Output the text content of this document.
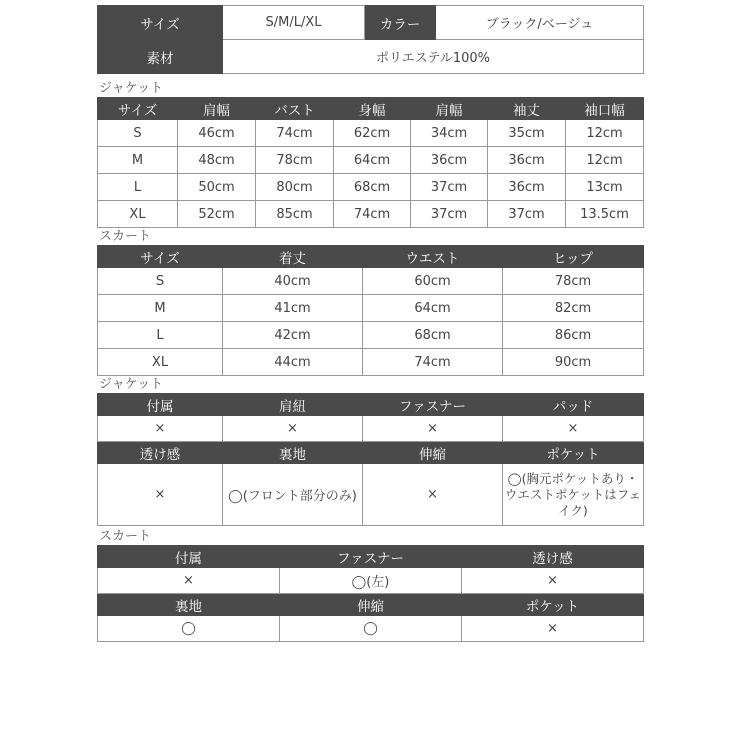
サイズ	S/M/L/XL	カラー	ブラック/ベージュ
素材	ポリエステル100%		
ジャケット
サイズ	肩幅	バスト	身幅	肩幅	袖丈	袖口幅
S	46cm	74cm	62cm	34cm	35cm	12cm
M	48cm	78cm	64cm	36cm	36cm	12cm
L	50cm	80cm	68cm	37cm	36cm	13cm
XL	52cm	85cm	74cm	37cm	37cm	13.5cm
スカート
サイズ	着丈	ウエスト	ヒップ
S	40cm	60cm	78cm
M	41cm	64cm	82cm
L	42cm	68cm	86cm
XL	44cm	74cm	90cm
ジャケット
付属	肩紐	ファスナー	パッド
×	×	×	×
透け感	裏地	伸縮	ポケット
×	◯(フロント部分のみ)	×	◯(胸元ポケットあり・ウエストポケットはフェイク)
スカート
付属	ファスナー	透け感
×	◯(左)	×
裏地	伸縮	ポケット
◯	◯	×
